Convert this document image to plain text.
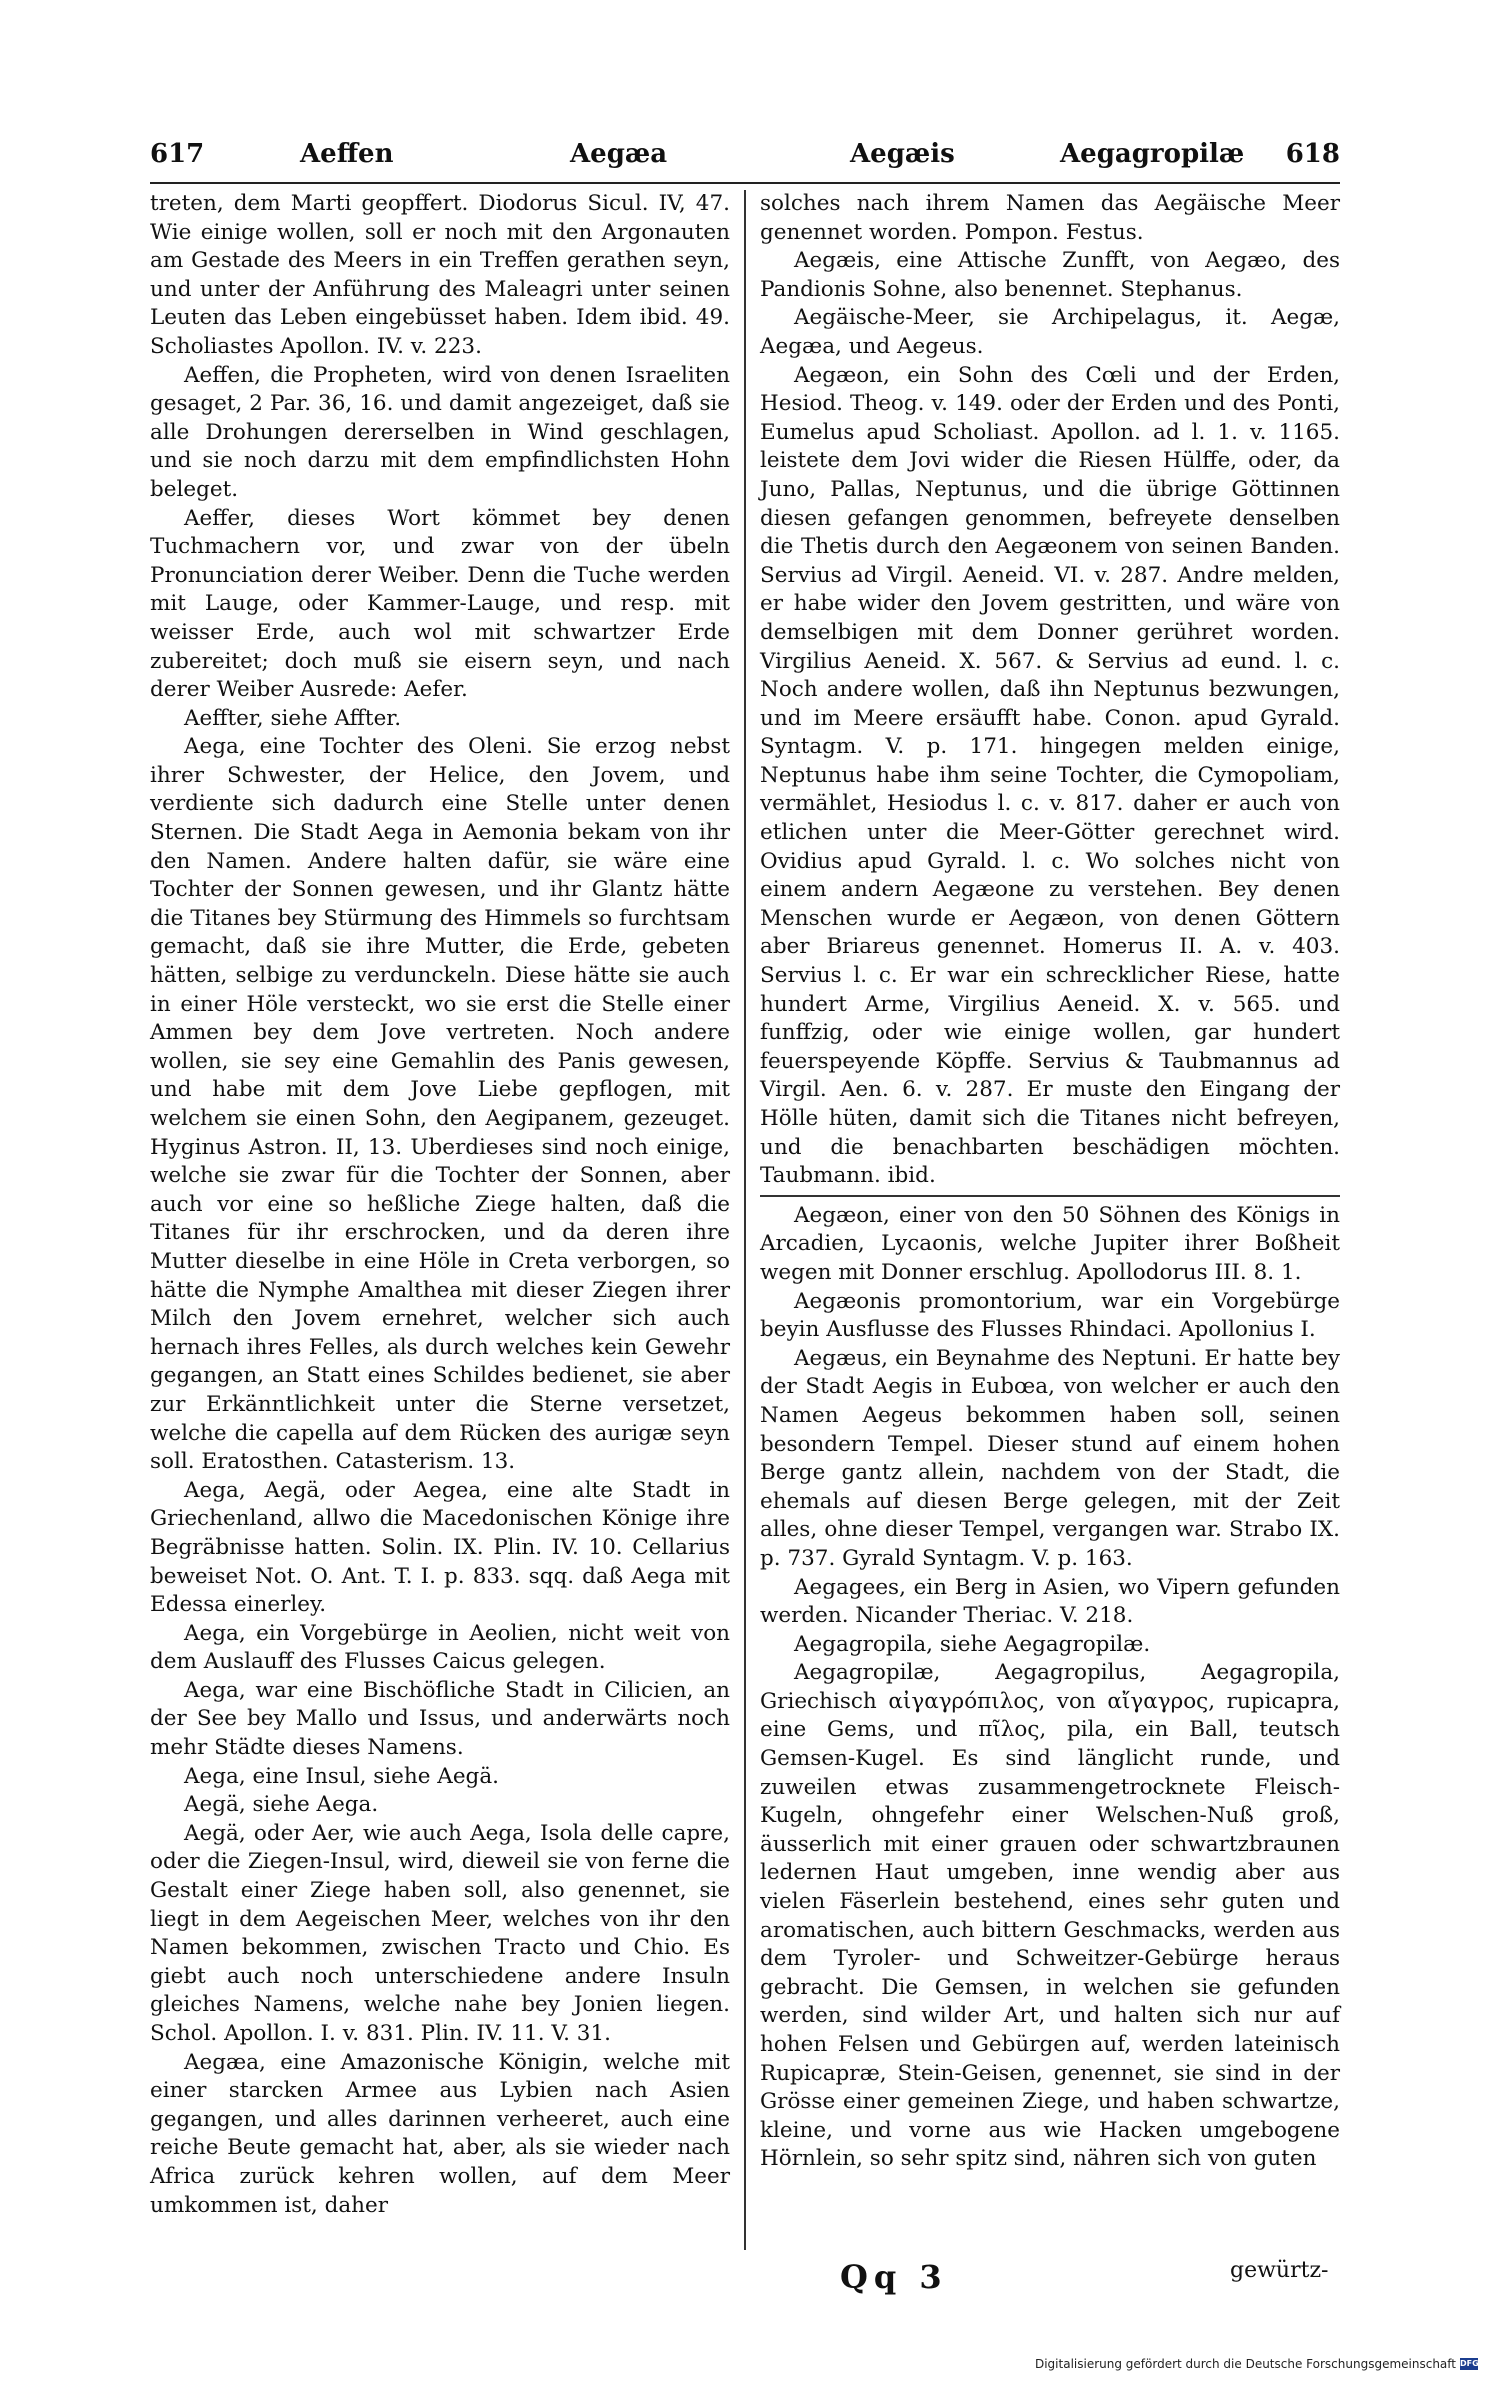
617	Aeffen	Aegæa	Aegæis	Aegagropilæ 618

treten, dem Marti geopffert. Diodorus Sicul. IV, 47. Wie einige wollen, soll er noch mit den Argonauten am Gestade des Meers in ein Treffen gerathen seyn, und unter der Anführung des Maleagri unter seinen Leuten das Leben eingebüsset haben. Idem ibid. 49. Scholiastes Apollon. IV. v. 223.

Aeffen, die Propheten, wird von denen Israeliten gesaget, 2 Par. 36, 16. und damit angezeiget, daß sie alle Drohungen dererselben in Wind geschlagen, und sie noch darzu mit dem empfindlichsten Hohn beleget.

Aeffer, dieses Wort kömmet bey denen Tuchmachern vor, und zwar von der übeln Pronunciation derer Weiber. Denn die Tuche werden mit Lauge, oder Kammer-Lauge, und resp. mit weisser Erde, auch wol mit schwartzer Erde zubereitet; doch muß sie eisern seyn, und nach derer Weiber Ausrede: Aefer.

Aeffter, siehe Affter.

Aega, eine Tochter des Oleni. Sie erzog nebst ihrer Schwester, der Helice, den Jovem, und verdiente sich dadurch eine Stelle unter denen Sternen. Die Stadt Aega in Aemonia bekam von ihr den Namen. Andere halten dafür, sie wäre eine Tochter der Sonnen gewesen, und ihr Glantz hätte die Titanes bey Stürmung des Himmels so furchtsam gemacht, daß sie ihre Mutter, die Erde, gebeten hätten, selbige zu verdunckeln. Diese hätte sie auch in einer Höle versteckt, wo sie erst die Stelle einer Ammen bey dem Jove vertreten. Noch andere wollen, sie sey eine Gemahlin des Panis gewesen, und habe mit dem Jove Liebe gepflogen, mit welchem sie einen Sohn, den Aegipanem, gezeuget. Hyginus Astron. II, 13. Uberdieses sind noch einige, welche sie zwar für die Tochter der Sonnen, aber auch vor eine so heßliche Ziege halten, daß die Titanes für ihr erschrocken, und da deren ihre Mutter dieselbe in eine Höle in Creta verborgen, so hätte die Nymphe Amalthea mit dieser Ziegen ihrer Milch den Jovem ernehret, welcher sich auch hernach ihres Felles, als durch welches kein Gewehr gegangen, an Statt eines Schildes bedienet, sie aber zur Erkänntlichkeit unter die Sterne versetzet, welche die capella auf dem Rücken des aurigæ seyn soll. Eratosthen. Catasterism. 13.

Aega, Aegä, oder Aegea, eine alte Stadt in Griechenland, allwo die Macedonischen Könige ihre Begräbnisse hatten. Solin. IX. Plin. IV. 10. Cellarius beweiset Not. O. Ant. T. I. p. 833. sqq. daß Aega mit Edessa einerley.

Aega, ein Vorgebürge in Aeolien, nicht weit von dem Auslauff des Flusses Caicus gelegen.

Aega, war eine Bischöfliche Stadt in Cilicien, an der See bey Mallo und Issus, und anderwärts noch mehr Städte dieses Namens.

Aega, eine Insul, siehe Aegä.

Aegä, siehe Aega.

Aegä, oder Aer, wie auch Aega, Isola delle capre, oder die Ziegen-Insul, wird, dieweil sie von ferne die Gestalt einer Ziege haben soll, also genennet, sie liegt in dem Aegeischen Meer, welches von ihr den Namen bekommen, zwischen Tracto und Chio. Es giebt auch noch unterschiedene andere Insuln gleiches Namens, welche nahe bey Jonien liegen. Schol. Apollon. I. v. 831. Plin. IV. 11. V. 31.

Aegæa, eine Amazonische Königin, welche mit einer starcken Armee aus Lybien nach Asien gegangen, und alles darinnen verheeret, auch eine reiche Beute gemacht hat, aber, als sie wieder nach Africa zurück kehren wollen, auf dem Meer umkommen ist, daher

solches nach ihrem Namen das Aegäische Meer genennet worden. Pompon. Festus.

Aegæis, eine Attische Zunfft, von Aegæo, des Pandionis Sohne, also benennet. Stephanus.

Aegäische-Meer, sie Archipelagus, it. Aegæ, Aegæa, und Aegeus.

Aegæon, ein Sohn des Cœli und der Erden, Hesiod. Theog. v. 149. oder der Erden und des Ponti, Eumelus apud Scholiast. Apollon. ad l. 1. v. 1165. leistete dem Jovi wider die Riesen Hülffe, oder, da Juno, Pallas, Neptunus, und die übrige Göttinnen diesen gefangen genommen, befreyete denselben die Thetis durch den Aegæonem von seinen Banden. Servius ad Virgil. Aeneid. VI. v. 287. Andre melden, er habe wider den Jovem gestritten, und wäre von demselbigen mit dem Donner gerühret worden. Virgilius Aeneid. X. 567. & Servius ad eund. l. c. Noch andere wollen, daß ihn Neptunus bezwungen, und im Meere ersäufft habe. Conon. apud Gyrald. Syntagm. V. p. 171. hingegen melden einige, Neptunus habe ihm seine Tochter, die Cymopoliam, vermählet, Hesiodus l. c. v. 817. daher er auch von etlichen unter die Meer-Götter gerechnet wird. Ovidius apud Gyrald. l. c. Wo solches nicht von einem andern Aegæone zu verstehen. Bey denen Menschen wurde er Aegæon, von denen Göttern aber Briareus genennet. Homerus II. A. v. 403. Servius l. c. Er war ein schrecklicher Riese, hatte hundert Arme, Virgilius Aeneid. X. v. 565. und funffzig, oder wie einige wollen, gar hundert feuerspeyende Köpffe. Servius & Taubmannus ad Virgil. Aen. 6. v. 287. Er muste den Eingang der Hölle hüten, damit sich die Titanes nicht befreyen, und die benachbarten beschädigen möchten. Taubmann. ibid.

Aegæon, einer von den 50 Söhnen des Königs in Arcadien, Lycaonis, welche Jupiter ihrer Boßheit wegen mit Donner erschlug. Apollodorus III. 8. 1.

Aegæonis promontorium, war ein Vorgebürge beyin Ausflusse des Flusses Rhindaci. Apollonius I.

Aegæus, ein Beynahme des Neptuni. Er hatte bey der Stadt Aegis in Eubœa, von welcher er auch den Namen Aegeus bekommen haben soll, seinen besondern Tempel. Dieser stund auf einem hohen Berge gantz allein, nachdem von der Stadt, die ehemals auf diesen Berge gelegen, mit der Zeit alles, ohne dieser Tempel, vergangen war. Strabo IX. p. 737. Gyrald Syntagm. V. p. 163.

Aegagees, ein Berg in Asien, wo Vipern gefunden werden. Nicander Theriac. V. 218.

Aegagropila, siehe Aegagropilæ.

Aegagropilæ, Aegagropilus, Aegagropila, Griechisch αἰγαγρόπιλος, von αἴγαγρος, rupicapra, eine Gems, und πῖλος, pila, ein Ball, teutsch Gemsen-Kugel. Es sind länglicht runde, und zuweilen etwas zusammengetrocknete Fleisch-Kugeln, ohngefehr einer Welschen-Nuß groß, äusserlich mit einer grauen oder schwartzbraunen ledernen Haut umgeben, inne wendig aber aus vielen Fäserlein bestehend, eines sehr guten und aromatischen, auch bittern Geschmacks, werden aus dem Tyroler- und Schweitzer-Gebürge heraus gebracht. Die Gemsen, in welchen sie gefunden werden, sind wilder Art, und halten sich nur auf hohen Felsen und Gebürgen auf, werden lateinisch Rupicapræ, Stein-Geisen, genennet, sie sind in der Grösse einer gemeinen Ziege, und haben schwartze, kleine, und vorne aus wie Hacken umgebogene Hörnlein, so sehr spitz sind, nähren sich von guten

Qq 3	gewürtz-
Digitalisierung gefördert durch die Deutsche Forschungsgemeinschaft DFG
